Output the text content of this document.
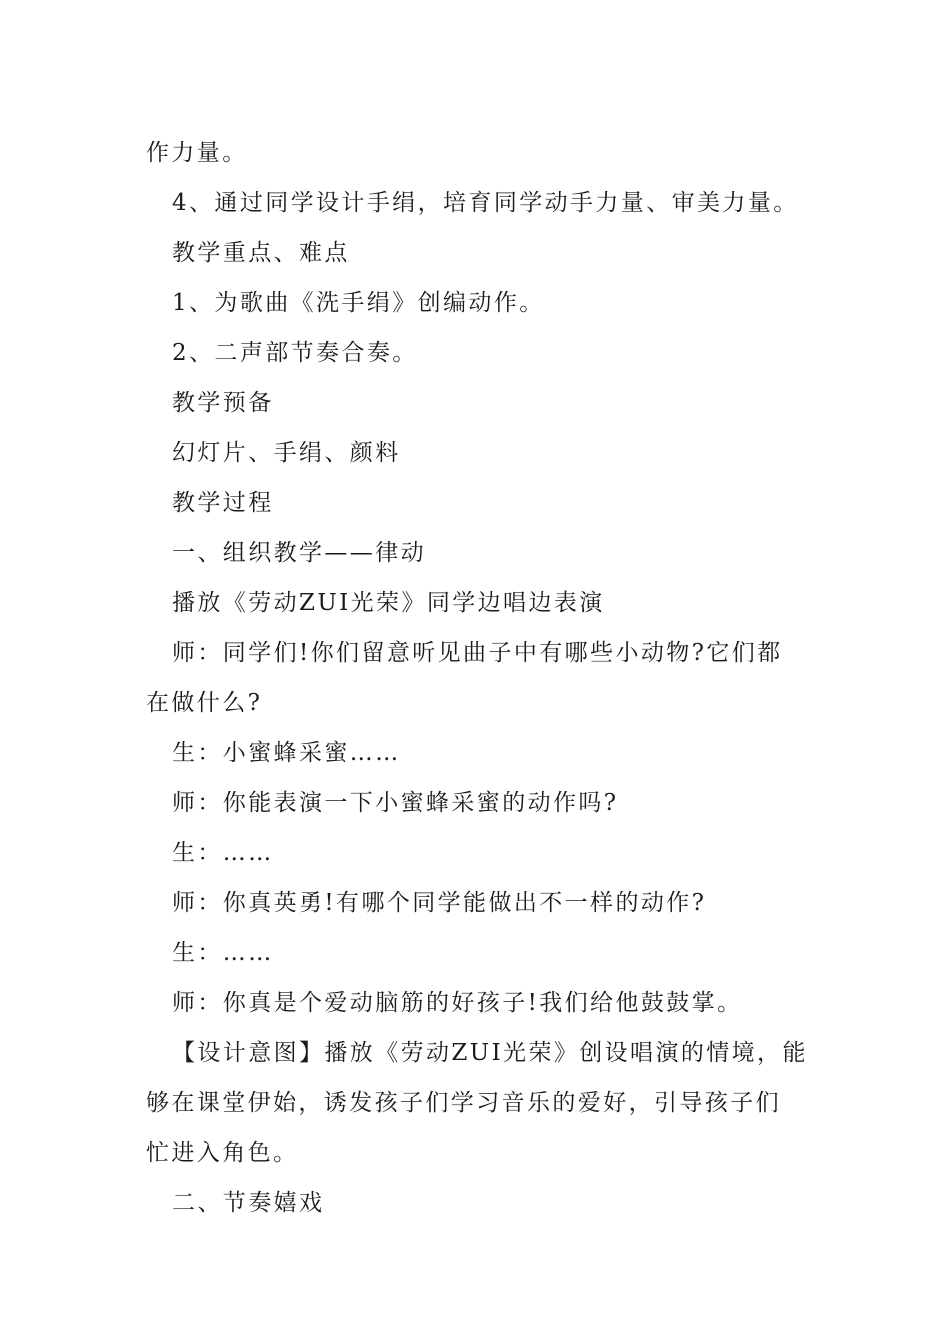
作力量。
4、通过同学设计手绢，培育同学动手力量、审美力量。
教学重点、难点
1、为歌曲《洗手绢》创编动作。
2、二声部节奏合奏。
教学预备
幻灯片、手绢、颜料
教学过程
一、组织教学——律动
播放《劳动ZUI光荣》同学边唱边表演
师：同学们!你们留意听见曲子中有哪些小动物?它们都
在做什么?
生：小蜜蜂采蜜……
师：你能表演一下小蜜蜂采蜜的动作吗?
生：……
师：你真英勇!有哪个同学能做出不一样的动作?
生：……
师：你真是个爱动脑筋的好孩子!我们给他鼓鼓掌。
【设计意图】播放《劳动ZUI光荣》创设唱演的情境，能
够在课堂伊始，诱发孩子们学习音乐的爱好，引导孩子们
忙进入角色。
二、节奏嬉戏
